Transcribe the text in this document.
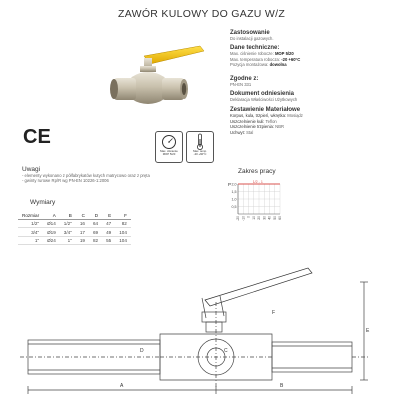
ZAWÓR KULOWY DO GAZU W/Z
Zastosowanie
Do instalacji gazowych.
Dane techniczne:
Max. ciśnienie robocze: MOP 5/20
Max. temperatura robocza: -20 +60°C
Pozycja montażowa: dowolna
Zgodne z:
PN-EN 331
Dokument odniesienia
Deklaracja Właściwości Użytkowych
Zestawienie Materiałowe
Korpus, kula, trzpień, wkrętka: Mosiądz
Uszczelnienie kuli: Teflon
Uszczelnienie trzpienia: NBR
Uchwyt: Stal
CE
Max. ciśnienie
MOP 5/20
Max. temp.
-20 +60°C
Uwagi
- elementy wykonano z półfabrykatów kutych matrycowo oraz z pręta
- gwinty rurowe Rp/R wg PN-EN 10226-1:2006
Wymiary
Rozmiar	A	B	C	D	E	F
1/2"	Ø14	1/2"	16	64	47	82
3/4"	Ø19	3/4"	17	69	49	104
1"	Ø24	1"	19	82	55	104
Zakres pracy
P 2,0
1,5
1,0
0,5
-20 -10 0 10 20 30 40 50 60
1/2 - 1
A	B
F
E
C
D
